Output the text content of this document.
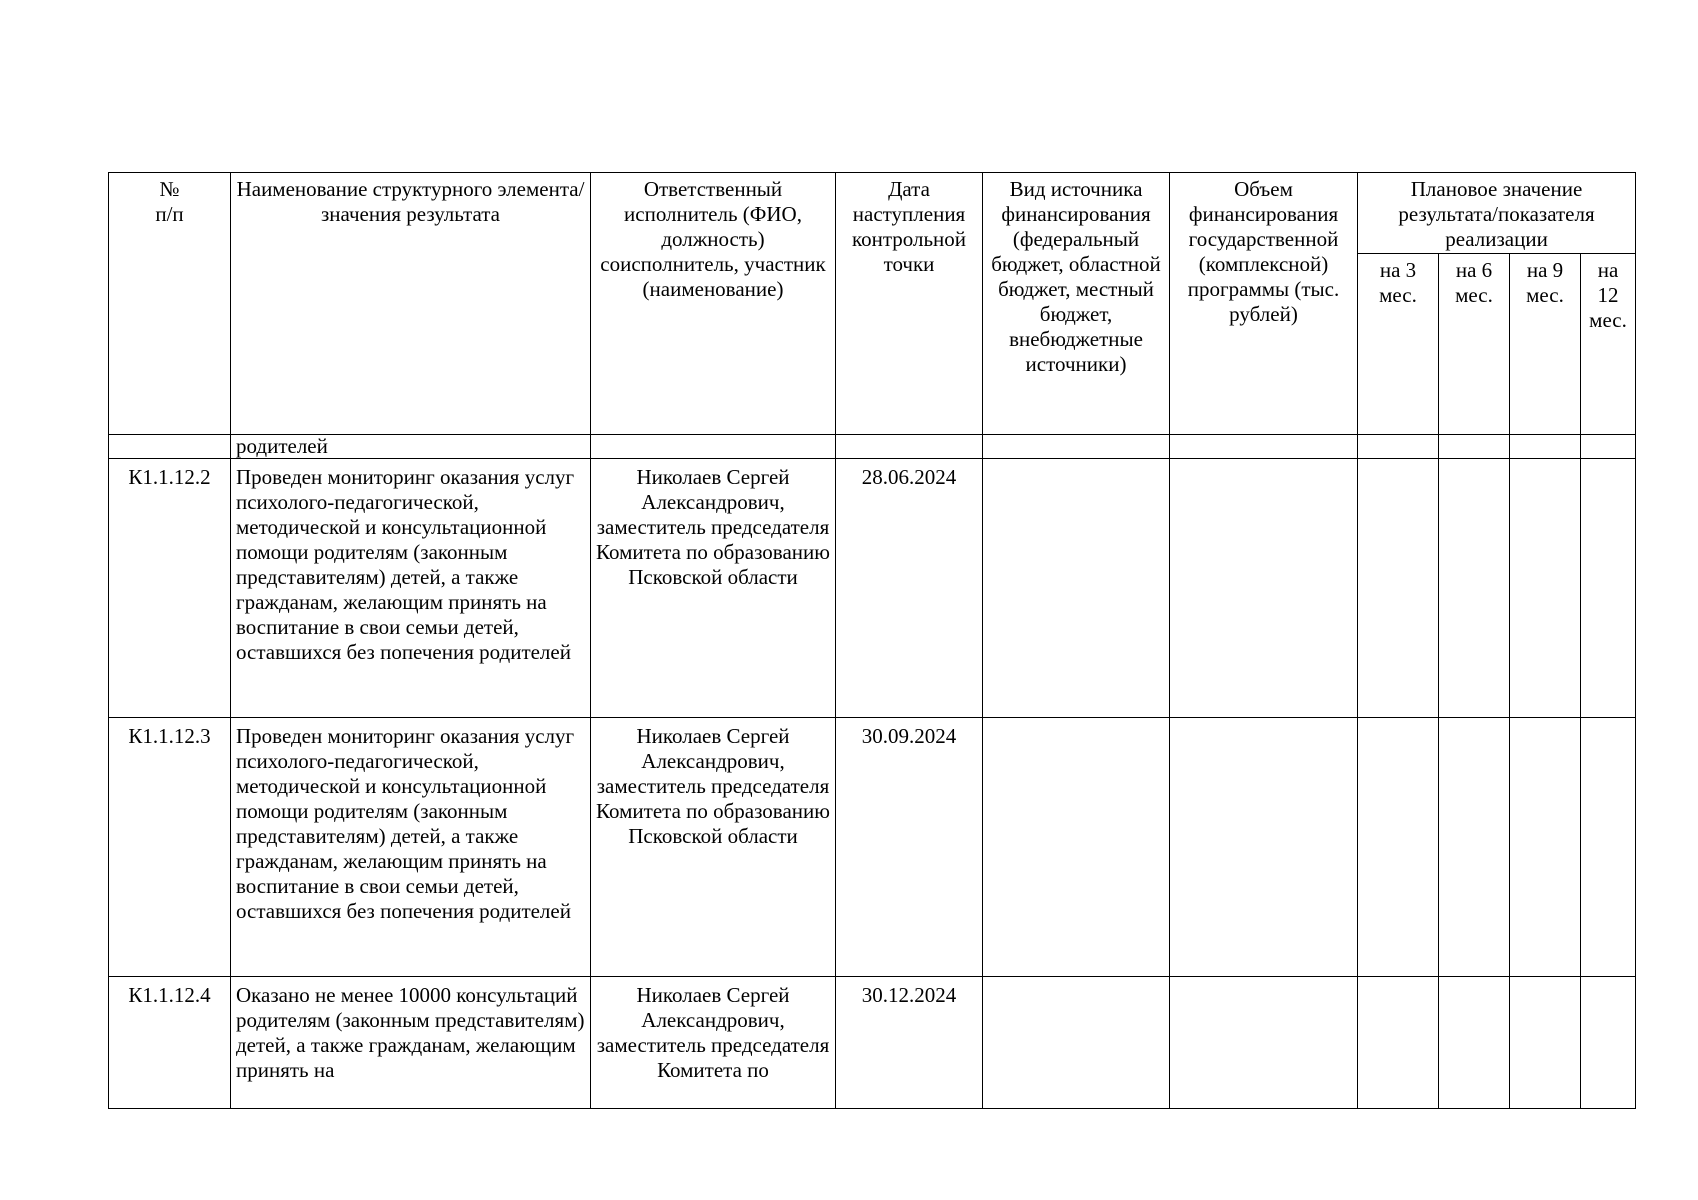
№
п/п	Наименование структурного элемента/ значения результата	Ответственный исполнитель (ФИО, должность) соисполнитель, участник (наименование)	Дата наступления контрольной точки	Вид источника финансирования (федеральный бюджет, областной бюджет, местный бюджет, внебюджетные источники)	Объем финансирования государственной (комплексной) программы (тыс. рублей)	Плановое значение результата/показателя реализации			
						на 3 мес.	на 6 мес.	на 9 мес.	на 12 мес.
	родителей								
К1.1.12.2	Проведен мониторинг оказания услуг психолого-педагогической, методической и консультационной помощи родителям (законным представителям) детей, а также гражданам, желающим принять на воспитание в свои семьи детей, оставшихся без попечения родителей	Николаев Сергей Александрович, заместитель председателя Комитета по образованию Псковской области	28.06.2024						
К1.1.12.3	Проведен мониторинг оказания услуг психолого-педагогической, методической и консультационной помощи родителям (законным представителям) детей, а также гражданам, желающим принять на воспитание в свои семьи детей, оставшихся без попечения родителей	Николаев Сергей Александрович, заместитель председателя Комитета по образованию Псковской области	30.09.2024						
К1.1.12.4	Оказано не менее 10000 консультаций родителям (законным представителям) детей, а также гражданам, желающим принять на	Николаев Сергей Александрович, заместитель председателя Комитета по	30.12.2024						
